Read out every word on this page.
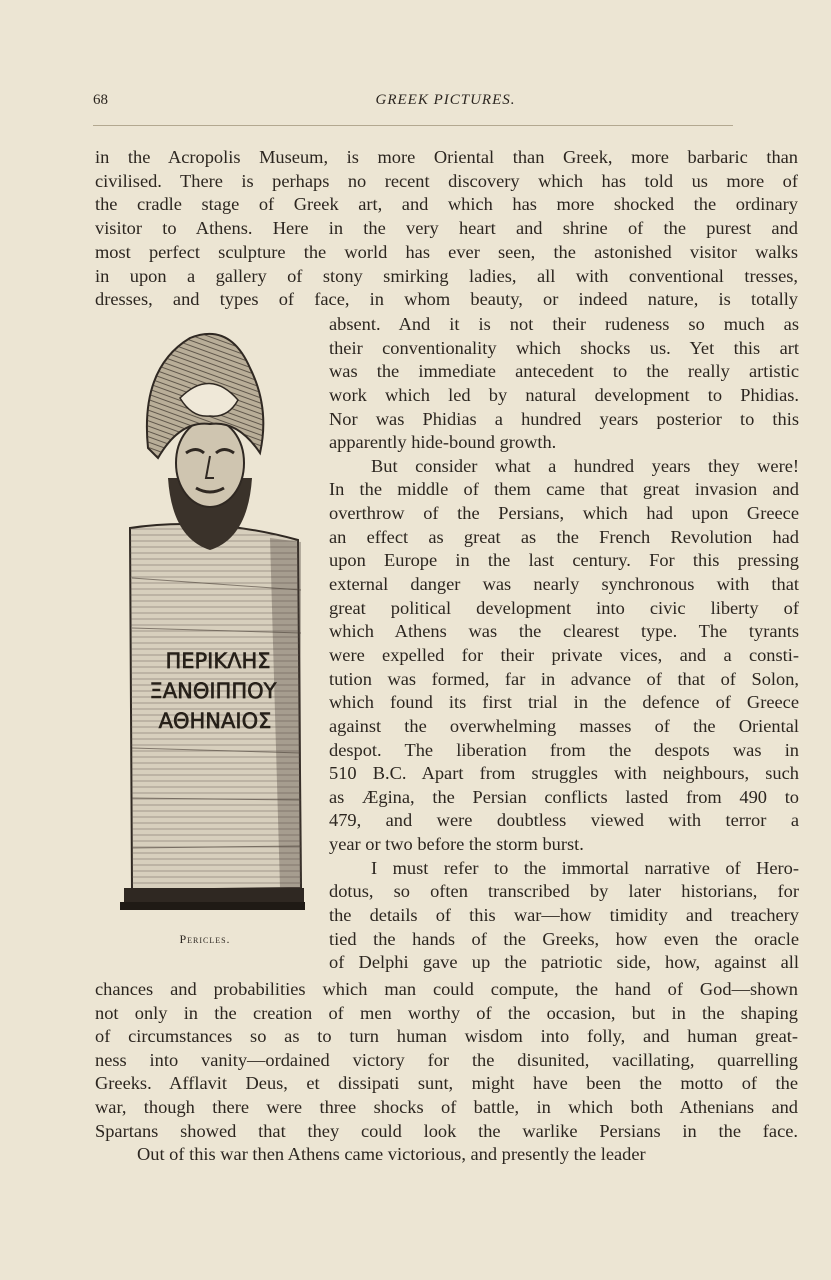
68	GREEK PICTURES.
in the Acropolis Museum, is more Oriental than Greek, more barbaric than
civilised. There is perhaps no recent discovery which has told us more of
the cradle stage of Greek art, and which has more shocked the ordinary
visitor to Athens. Here in the very heart and shrine of the purest and
most perfect sculpture the world has ever seen, the astonished visitor walks
in upon a gallery of stony smirking ladies, all with conventional tresses,
dresses, and types of face, in whom beauty, or indeed nature, is totally
absent. And it is not their rudeness so much as
their conventionality which shocks us. Yet this art
was the immediate antecedent to the really artistic
work which led by natural development to Phidias.
Nor was Phidias a hundred years posterior to this
apparently hide-bound growth.
But consider what a hundred years they were!
In the middle of them came that great invasion and
overthrow of the Persians, which had upon Greece
an effect as great as the French Revolution had
upon Europe in the last century. For this pressing
external danger was nearly synchronous with that
great political development into civic liberty of
which Athens was the clearest type. The tyrants
were expelled for their private vices, and a consti-
tution was formed, far in advance of that of Solon,
which found its first trial in the defence of Greece
against the overwhelming masses of the Oriental
despot. The liberation from the despots was in
510 B.C. Apart from struggles with neighbours, such
as Ægina, the Persian conflicts lasted from 490 to
479, and were doubtless viewed with terror a
year or two before the storm burst.
I must refer to the immortal narrative of Hero-
dotus, so often transcribed by later historians, for
the details of this war—how timidity and treachery
tied the hands of the Greeks, how even the oracle
of Delphi gave up the patriotic side, how, against all
chances and probabilities which man could compute, the hand of God—shown
not only in the creation of men worthy of the occasion, but in the shaping
of circumstances so as to turn human wisdom into folly, and human great-
ness into vanity—ordained victory for the disunited, vacillating, quarrelling
Greeks. Afflavit Deus, et dissipati sunt, might have been the motto of the
war, though there were three shocks of battle, in which both Athenians and
Spartans showed that they could look the warlike Persians in the face.
Out of this war then Athens came victorious, and presently the leader
ΠΕΡΙΚΛΗΣ
ΞΑΝΘΙΠΠΟΥ
ΑΘΗΝΑΙΟΣ
Pericles.
